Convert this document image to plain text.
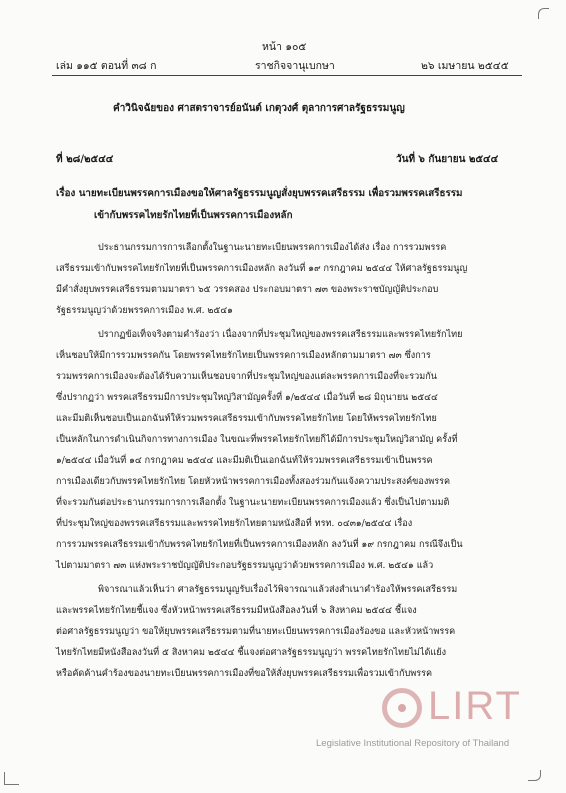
หน้า ๑๐๕
เล่ม ๑๑๕ ตอนที่ ๓๘ ก	ราชกิจจานุเบกษา	๒๖ เมษายน ๒๕๔๕
คำวินิจฉัยของ ศาสตราจารย์อนันต์ เกตุวงศ์ ตุลาการศาลรัฐธรรมนูญ
ที่ ๒๘/๒๕๔๔	วันที่ ๖ กันยายน ๒๕๔๔
เรื่อง นายทะเบียนพรรคการเมืองขอให้ศาลรัฐธรรมนูญสั่งยุบพรรคเสรีธรรม เพื่อรวมพรรคเสรีธรรม
เข้ากับพรรคไทยรักไทยที่เป็นพรรคการเมืองหลัก
ประธานกรรมการการเลือกตั้งในฐานะนายทะเบียนพรรคการเมืองได้ส่ง เรื่อง การรวมพรรค
เสรีธรรมเข้ากับพรรคไทยรักไทยที่เป็นพรรคการเมืองหลัก ลงวันที่ ๑๙ กรกฎาคม ๒๕๔๔ ให้ศาลรัฐธรรมนูญ
มีคำสั่งยุบพรรคเสรีธรรมตามมาตรา ๖๕ วรรคสอง ประกอบมาตรา ๗๓ ของพระราชบัญญัติประกอบ
รัฐธรรมนูญว่าด้วยพรรคการเมือง พ.ศ. ๒๕๔๑
ปรากฏข้อเท็จจริงตามคำร้องว่า เนื่องจากที่ประชุมใหญ่ของพรรคเสรีธรรมและพรรคไทยรักไทย
เห็นชอบให้มีการรวมพรรคกัน โดยพรรคไทยรักไทยเป็นพรรคการเมืองหลักตามมาตรา ๗๓ ซึ่งการ
รวมพรรคการเมืองจะต้องได้รับความเห็นชอบจากที่ประชุมใหญ่ของแต่ละพรรคการเมืองที่จะรวมกัน
ซึ่งปรากฏว่า พรรคเสรีธรรมมีการประชุมใหญ่วิสามัญครั้งที่ ๑/๒๕๔๔ เมื่อวันที่ ๒๘ มิถุนายน ๒๕๔๔
และมีมติเห็นชอบเป็นเอกฉันท์ให้รวมพรรคเสรีธรรมเข้ากับพรรคไทยรักไทย โดยให้พรรคไทยรักไทย
เป็นหลักในการดำเนินกิจการทางการเมือง ในขณะที่พรรคไทยรักไทยก็ได้มีการประชุมใหญ่วิสามัญ ครั้งที่
๑/๒๕๔๔ เมื่อวันที่ ๑๔ กรกฎาคม ๒๕๔๔ และมีมติเป็นเอกฉันท์ให้รวมพรรคเสรีธรรมเข้าเป็นพรรค
การเมืองเดียวกับพรรคไทยรักไทย โดยหัวหน้าพรรคการเมืองทั้งสองร่วมกันแจ้งความประสงค์ของพรรค
ที่จะรวมกันต่อประธานกรรมการการเลือกตั้ง ในฐานะนายทะเบียนพรรคการเมืองแล้ว ซึ่งเป็นไปตามมติ
ที่ประชุมใหญ่ของพรรคเสรีธรรมและพรรคไทยรักไทยตามหนังสือที่ ทรท. ๐๔๓๑/๒๕๔๔ เรื่อง
การรวมพรรคเสรีธรรมเข้ากับพรรคไทยรักไทยที่เป็นพรรคการเมืองหลัก ลงวันที่ ๑๙ กรกฎาคม กรณีจึงเป็น
ไปตามมาตรา ๗๓ แห่งพระราชบัญญัติประกอบรัฐธรรมนูญว่าด้วยพรรคการเมือง พ.ศ. ๒๕๔๑ แล้ว
พิจารณาแล้วเห็นว่า ศาลรัฐธรรมนูญรับเรื่องไว้พิจารณาแล้วส่งสำเนาคำร้องให้พรรคเสรีธรรม
และพรรคไทยรักไทยชี้แจง ซึ่งหัวหน้าพรรคเสรีธรรมมีหนังสือลงวันที่ ๖ สิงหาคม ๒๕๔๔ ชี้แจง
ต่อศาลรัฐธรรมนูญว่า ขอให้ยุบพรรคเสรีธรรมตามที่นายทะเบียนพรรคการเมืองร้องขอ และหัวหน้าพรรค
ไทยรักไทยมีหนังสือลงวันที่ ๕ สิงหาคม ๒๕๔๔ ชี้แจงต่อศาลรัฐธรรมนูญว่า พรรคไทยรักไทยไม่ได้แย้ง
หรือคัดค้านคำร้องของนายทะเบียนพรรคการเมืองที่ขอให้สั่งยุบพรรคเสรีธรรมเพื่อรวมเข้ากับพรรค
LIRT
Legislative Institutional Repository of Thailand
